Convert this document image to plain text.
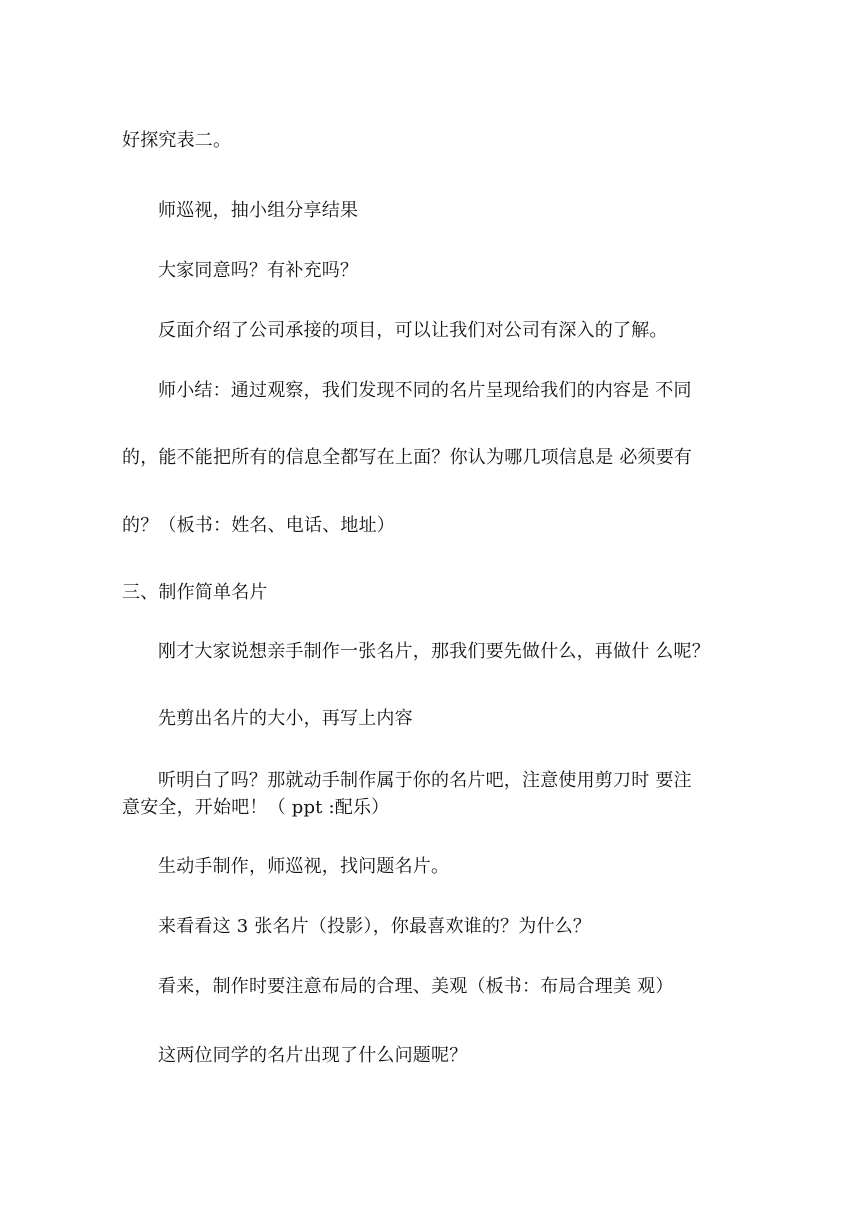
好探究表二。
师巡视，抽小组分享结果
大家同意吗？有补充吗？
反面介绍了公司承接的项目，可以让我们对公司有深入的了解。
师小结：通过观察，我们发现不同的名片呈现给我们的内容是 不同
的，能不能把所有的信息全都写在上面？你认为哪几项信息是 必须要有
的？（板书：姓名、电话、地址）
三、制作简单名片
刚才大家说想亲手制作一张名片，那我们要先做什么，再做什 么呢？
先剪出名片的大小，再写上内容
听明白了吗？那就动手制作属于你的名片吧，注意使用剪刀时 要注
意安全，开始吧！（ ppt :配乐）
生动手制作，师巡视，找问题名片。
来看看这 3 张名片（投影），你最喜欢谁的？为什么？
看来，制作时要注意布局的合理、美观（板书：布局合理美 观）
这两位同学的名片出现了什么问题呢？
